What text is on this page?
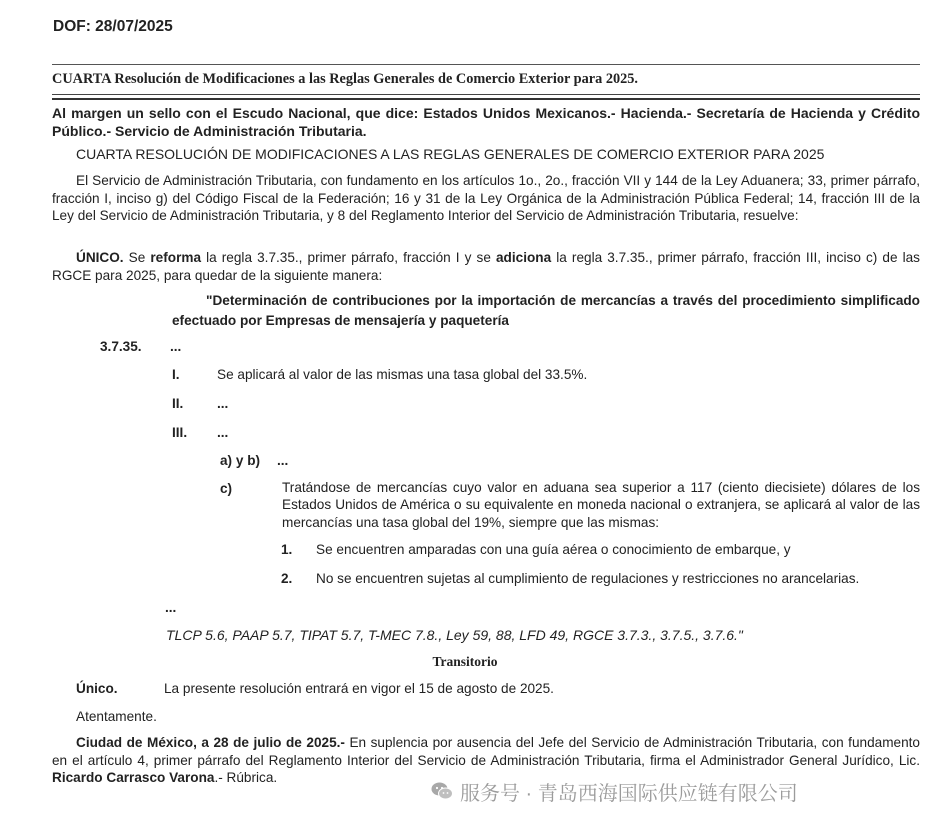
DOF: 28/07/2025
CUARTA Resolución de Modificaciones a las Reglas Generales de Comercio Exterior para 2025.
Al margen un sello con el Escudo Nacional, que dice: Estados Unidos Mexicanos.- Hacienda.- Secretaría de Hacienda y Crédito Público.- Servicio de Administración Tributaria.
CUARTA RESOLUCIÓN DE MODIFICACIONES A LAS REGLAS GENERALES DE COMERCIO EXTERIOR PARA 2025
El Servicio de Administración Tributaria, con fundamento en los artículos 1o., 2o., fracción VII y 144 de la Ley Aduanera; 33, primer párrafo, fracción I, inciso g) del Código Fiscal de la Federación; 16 y 31 de la Ley Orgánica de la Administración Pública Federal; 14, fracción III de la Ley del Servicio de Administración Tributaria, y 8 del Reglamento Interior del Servicio de Administración Tributaria, resuelve:
ÚNICO. Se reforma la regla 3.7.35., primer párrafo, fracción I y se adiciona la regla 3.7.35., primer párrafo, fracción III, inciso c) de las RGCE para 2025, para quedar de la siguiente manera:
"Determinación de contribuciones por la importación de mercancías a través del procedimiento simplificado efectuado por Empresas de mensajería y paquetería
3.7.35. ...
I.	Se aplicará al valor de las mismas una tasa global del 33.5%.
II. ...
III. ...
a) y b) ...
c)	Tratándose de mercancías cuyo valor en aduana sea superior a 117 (ciento diecisiete) dólares de los Estados Unidos de América o su equivalente en moneda nacional o extranjera, se aplicará al valor de las mercancías una tasa global del 19%, siempre que las mismas:
1. Se encuentren amparadas con una guía aérea o conocimiento de embarque, y
2. No se encuentren sujetas al cumplimiento de regulaciones y restricciones no arancelarias.
...
TLCP 5.6, PAAP 5.7, TIPAT 5.7, T-MEC 7.8., Ley 59, 88, LFD 49, RGCE 3.7.3., 3.7.5., 3.7.6."
Transitorio
Único.	La presente resolución entrará en vigor el 15 de agosto de 2025.
Atentamente.
Ciudad de México, a 28 de julio de 2025.- En suplencia por ausencia del Jefe del Servicio de Administración Tributaria, con fundamento en el artículo 4, primer párrafo del Reglamento Interior del Servicio de Administración Tributaria, firma el Administrador General Jurídico, Lic. Ricardo Carrasco Varona.- Rúbrica.
服务号 · 青岛西海国际供应链有限公司
